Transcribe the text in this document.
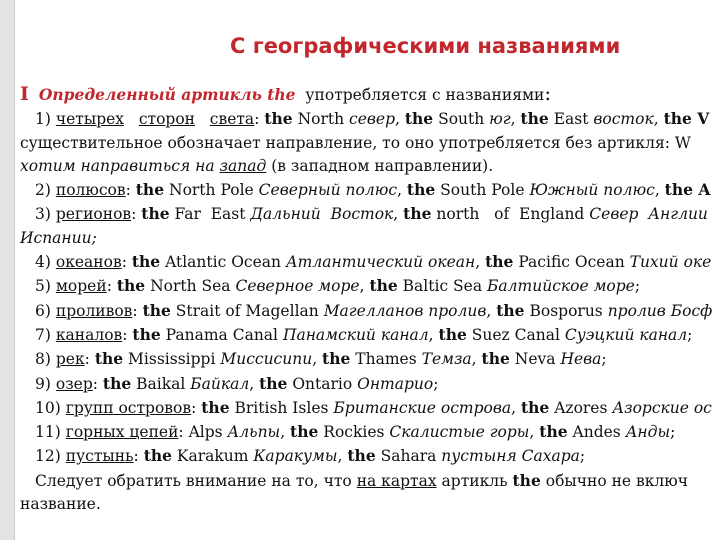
С географическими названиями
I Определенный артикль the употребляется с названиями:
1) четырех сторон света: the North север, the South юг, the East восток, the V
существительное обозначает направление, то оно употребляется без артикля: W
хотим направиться на запад (в западном направлении).
2) полюсов: the North Pole Северный полюс, the South Pole Южный полюс, the A
3) регионов: the Far  East Дальний  Восток, the north   of  England Север  Англии
Испании;
4) океанов: the Atlantic Ocean Атлантический океан, the Pacific Ocean Тихий оке
5) морей: the North Sea Северное море, the Baltic Sea Балтийское море;
6) проливов: the Strait of Magellan Магелланов пролив, the Bosporus пролив Босф
7) каналов: the Panama Canal Панамский канал, the Suez Canal Суэцкий канал;
8) рек: the Mississippi Миссисипи, the Thames Темза, the Neva Нева;
9) озер: the Baikal Байкал, the Ontario Онтарио;
10) групп островов: the British Isles Британские острова, the Azores Азорские ос
11) горных цепей: Alps Альпы, the Rockies Скалистые горы, the Andes Анды;
12) пустынь: the Karakum Каракумы, the Sahara пустыня Сахара;
Следует обратить внимание на то, что на картах артикль the обычно не включ
название.
